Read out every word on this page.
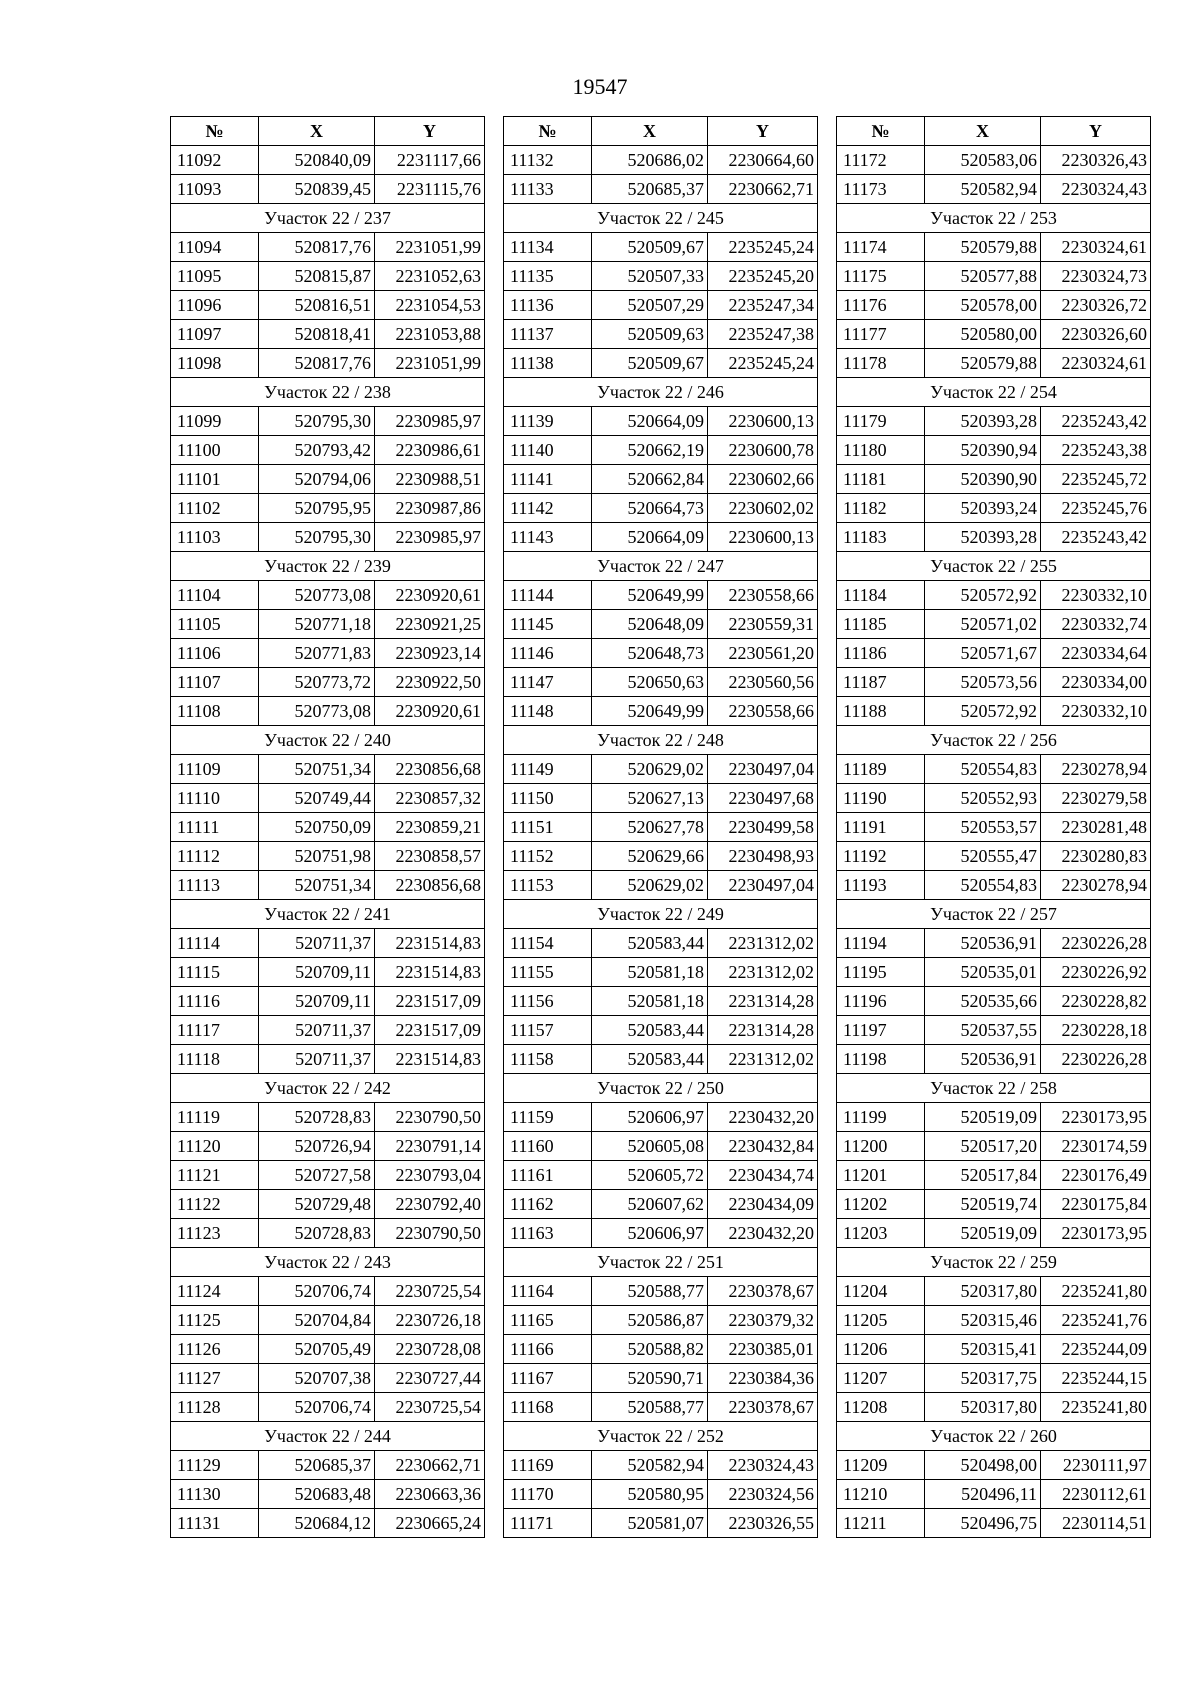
19547
№	X	Y
11092	520840,09	2231117,66
11093	520839,45	2231115,76
Участок 22 / 237		
11094	520817,76	2231051,99
11095	520815,87	2231052,63
11096	520816,51	2231054,53
11097	520818,41	2231053,88
11098	520817,76	2231051,99
Участок 22 / 238		
11099	520795,30	2230985,97
11100	520793,42	2230986,61
11101	520794,06	2230988,51
11102	520795,95	2230987,86
11103	520795,30	2230985,97
Участок 22 / 239		
11104	520773,08	2230920,61
11105	520771,18	2230921,25
11106	520771,83	2230923,14
11107	520773,72	2230922,50
11108	520773,08	2230920,61
Участок 22 / 240		
11109	520751,34	2230856,68
11110	520749,44	2230857,32
11111	520750,09	2230859,21
11112	520751,98	2230858,57
11113	520751,34	2230856,68
Участок 22 / 241		
11114	520711,37	2231514,83
11115	520709,11	2231514,83
11116	520709,11	2231517,09
11117	520711,37	2231517,09
11118	520711,37	2231514,83
Участок 22 / 242		
11119	520728,83	2230790,50
11120	520726,94	2230791,14
11121	520727,58	2230793,04
11122	520729,48	2230792,40
11123	520728,83	2230790,50
Участок 22 / 243		
11124	520706,74	2230725,54
11125	520704,84	2230726,18
11126	520705,49	2230728,08
11127	520707,38	2230727,44
11128	520706,74	2230725,54
Участок 22 / 244		
11129	520685,37	2230662,71
11130	520683,48	2230663,36
11131	520684,12	2230665,24
№	X	Y
11132	520686,02	2230664,60
11133	520685,37	2230662,71
Участок 22 / 245		
11134	520509,67	2235245,24
11135	520507,33	2235245,20
11136	520507,29	2235247,34
11137	520509,63	2235247,38
11138	520509,67	2235245,24
Участок 22 / 246		
11139	520664,09	2230600,13
11140	520662,19	2230600,78
11141	520662,84	2230602,66
11142	520664,73	2230602,02
11143	520664,09	2230600,13
Участок 22 / 247		
11144	520649,99	2230558,66
11145	520648,09	2230559,31
11146	520648,73	2230561,20
11147	520650,63	2230560,56
11148	520649,99	2230558,66
Участок 22 / 248		
11149	520629,02	2230497,04
11150	520627,13	2230497,68
11151	520627,78	2230499,58
11152	520629,66	2230498,93
11153	520629,02	2230497,04
Участок 22 / 249		
11154	520583,44	2231312,02
11155	520581,18	2231312,02
11156	520581,18	2231314,28
11157	520583,44	2231314,28
11158	520583,44	2231312,02
Участок 22 / 250		
11159	520606,97	2230432,20
11160	520605,08	2230432,84
11161	520605,72	2230434,74
11162	520607,62	2230434,09
11163	520606,97	2230432,20
Участок 22 / 251		
11164	520588,77	2230378,67
11165	520586,87	2230379,32
11166	520588,82	2230385,01
11167	520590,71	2230384,36
11168	520588,77	2230378,67
Участок 22 / 252		
11169	520582,94	2230324,43
11170	520580,95	2230324,56
11171	520581,07	2230326,55
№	X	Y
11172	520583,06	2230326,43
11173	520582,94	2230324,43
Участок 22 / 253		
11174	520579,88	2230324,61
11175	520577,88	2230324,73
11176	520578,00	2230326,72
11177	520580,00	2230326,60
11178	520579,88	2230324,61
Участок 22 / 254		
11179	520393,28	2235243,42
11180	520390,94	2235243,38
11181	520390,90	2235245,72
11182	520393,24	2235245,76
11183	520393,28	2235243,42
Участок 22 / 255		
11184	520572,92	2230332,10
11185	520571,02	2230332,74
11186	520571,67	2230334,64
11187	520573,56	2230334,00
11188	520572,92	2230332,10
Участок 22 / 256		
11189	520554,83	2230278,94
11190	520552,93	2230279,58
11191	520553,57	2230281,48
11192	520555,47	2230280,83
11193	520554,83	2230278,94
Участок 22 / 257		
11194	520536,91	2230226,28
11195	520535,01	2230226,92
11196	520535,66	2230228,82
11197	520537,55	2230228,18
11198	520536,91	2230226,28
Участок 22 / 258		
11199	520519,09	2230173,95
11200	520517,20	2230174,59
11201	520517,84	2230176,49
11202	520519,74	2230175,84
11203	520519,09	2230173,95
Участок 22 / 259		
11204	520317,80	2235241,80
11205	520315,46	2235241,76
11206	520315,41	2235244,09
11207	520317,75	2235244,15
11208	520317,80	2235241,80
Участок 22 / 260		
11209	520498,00	2230111,97
11210	520496,11	2230112,61
11211	520496,75	2230114,51
